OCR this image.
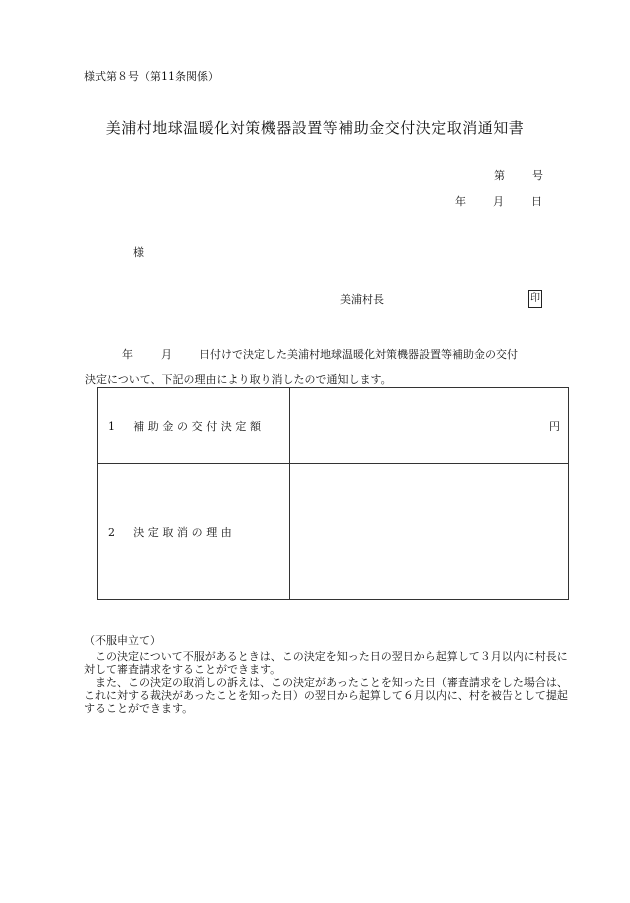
様式第８号（第11条関係）
美浦村地球温暖化対策機器設置等補助金交付決定取消通知書
第 号
年 月 日
様
美浦村長	印
年	月 日付けで決定した美浦村地球温暖化対策機器設置等補助金の交付
決定について、下記の理由により取り消したので通知します。
1　補助金の交付決定額	円
2　決定取消の理由	
（不服申立て）

この決定について不服があるときは、この決定を知った日の翌日から起算して３月以内に村長に対して審査請求をすることができます。

また、この決定の取消しの訴えは、この決定があったことを知った日（審査請求をした場合は、これに対する裁決があったことを知った日）の翌日から起算して６月以内に、村を被告として提起することができます。
